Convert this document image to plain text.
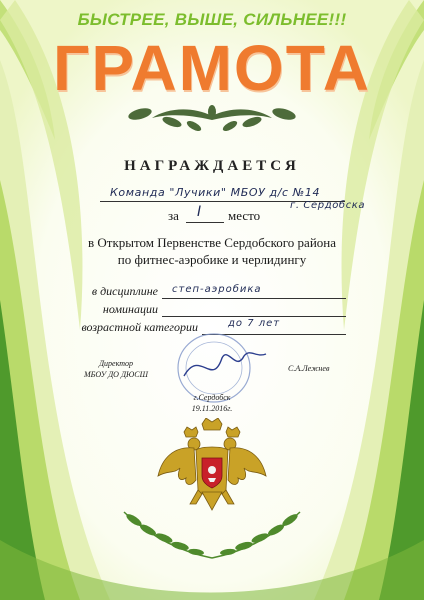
БЫСТРЕЕ, ВЫШЕ, СИЛЬНЕЕ!!!
ГРАМОТА
НАГРАЖДАЕТСЯ
Команда "Лучики" МБОУ д/с №14
г. Сердобска
за I место
в Открытом Первенстве Сердобского района
по фитнес-аэробике и черлидингу
в дисциплине степ-аэробика
номинации
возрастной категории	до 7 лет
Директор
МБОУ ДО ДЮСШ
С.А.Лежнев
г.Сердобск
19.11.2016г.
